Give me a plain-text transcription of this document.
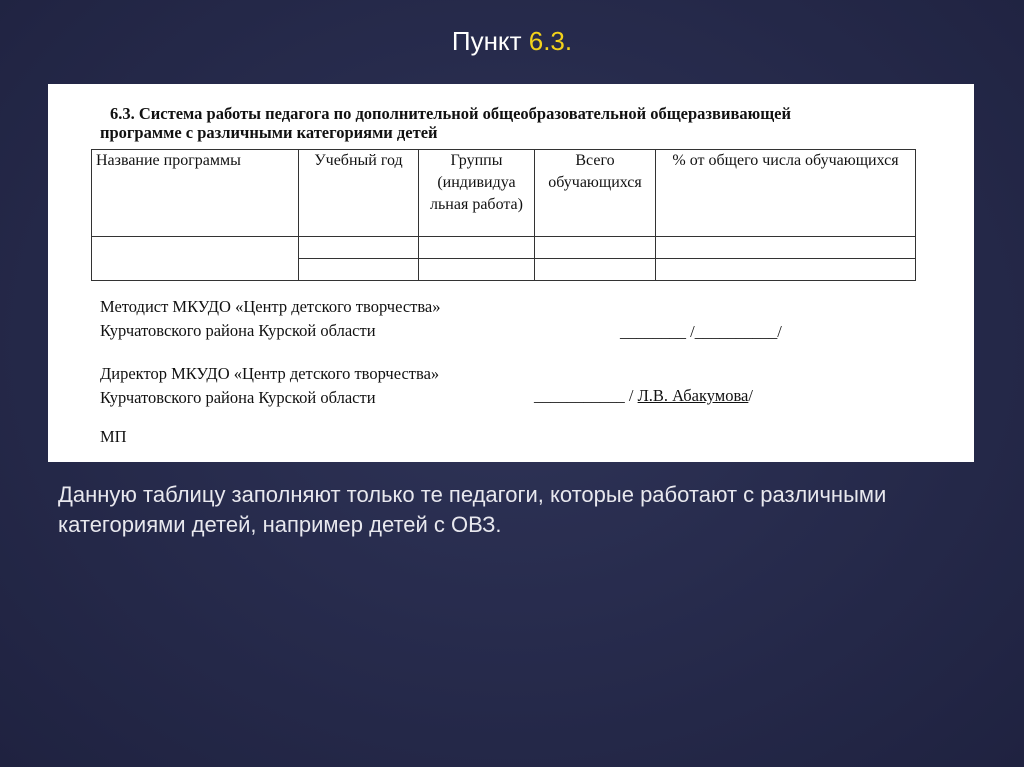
Пункт 6.3.
6.3. Система работы педагога по дополнительной общеобразовательной общеразвивающей
программе с различными категориями детей
Название программы	Учебный год	Группы (индивидуа льная работа)	Всего обучающихся	% от общего числа обучающихся

Методист МКУДО «Центр детского творчества»
Курчатовского района Курской области	________ /__________/
Директор МКУДО «Центр детского творчества»
Курчатовского района Курской области	___________ / Л.В. Абакумова/
МП
Данную таблицу заполняют только те педагоги, которые работают с различными категориями детей, например детей с ОВЗ.
